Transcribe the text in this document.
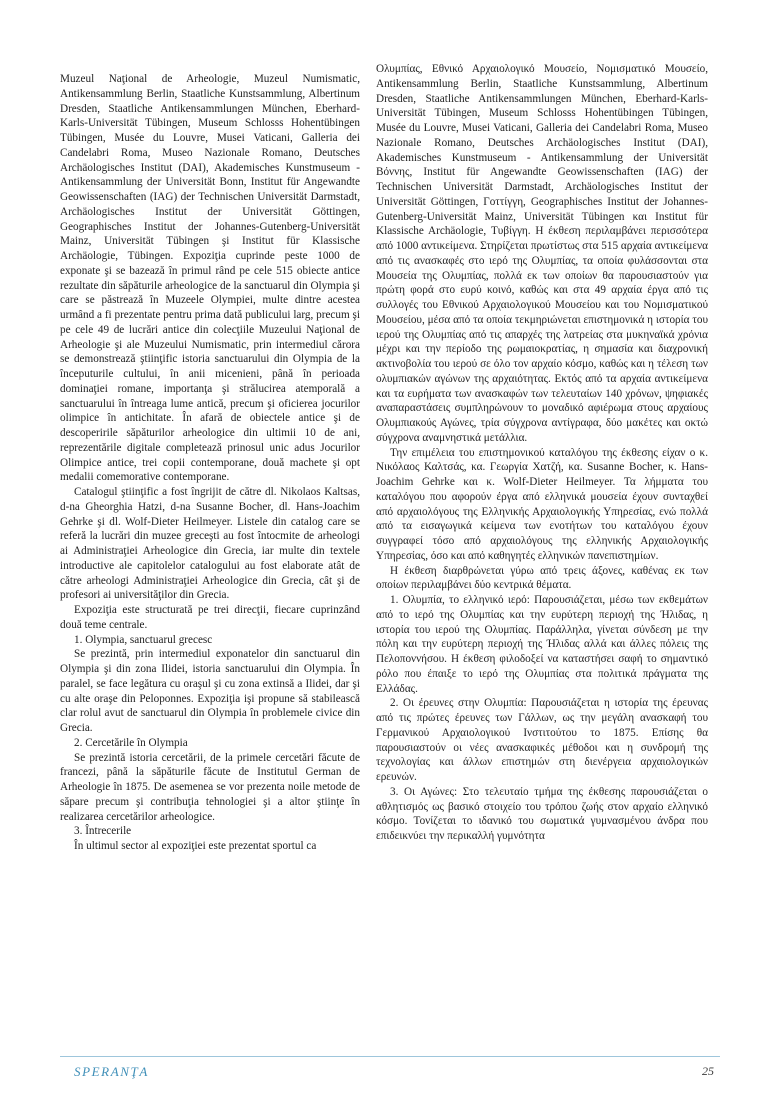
Muzeul Naţional de Arheologie, Muzeul Numismatic, Antikensammlung Berlin, Staatliche Kunstsammlung, Albertinum Dresden, Staatliche Antikensammlungen München, Eberhard-Karls-Universität Tübingen, Museum Schlosss Hohentübingen Tübingen, Musée du Louvre, Musei Vaticani, Galleria dei Candelabri Roma, Museo Nazionale Romano, Deutsches Archäologisches Institut (DAI), Akademisches Kunstmuseum - Antikensammlung der Universität Bonn, Institut für Angewandte Geowissenschaften (IAG) der Technischen Universität Darmstadt, Archäologisches Institut der Universität Göttingen, Geographisches Institut der Johannes-Gutenberg-Universität Mainz, Universität Tübingen şi Institut für Klassische Archäologie, Tübingen. Expoziţia cuprinde peste 1000 de exponate şi se bazează în primul rând pe cele 515 obiecte antice rezultate din săpăturile arheologice de la sanctuarul din Olympia şi care se păstrează în Muzeele Olympiei, multe dintre acestea urmând a fi prezentate pentru prima dată publicului larg, precum şi pe cele 49 de lucrări antice din colecţiile Muzeului Naţional de Arheologie şi ale Muzeului Numismatic, prin intermediul cărora se demonstrează ştiinţific istoria sanctuarului din Olympia de la începuturile cultului, în anii micenieni, până în perioada dominaţiei romane, importanţa şi strălucirea atemporală a sanctuarului în întreaga lume antică, precum şi oficierea jocurilor olimpice în antichitate. În afară de obiectele antice şi de descoperirile săpăturilor arheologice din ultimii 10 de ani, reprezentările digitale completează prinosul unic adus Jocurilor Olimpice antice, trei copii contemporane, două machete şi opt medalii comemorative contemporane.

Catalogul ştiinţific a fost îngrijit de către dl. Nikolaos Kaltsas, d-na Gheorghia Hatzi, d-na Susanne Bocher, dl. Hans-Joachim Gehrke şi dl. Wolf-Dieter Heilmeyer. Listele din catalog care se referă la lucrări din muzee greceşti au fost întocmite de arheologi ai Administraţiei Arheologice din Grecia, iar multe din textele introductive ale capitolelor catalogului au fost elaborate atât de către arheologi Administraţiei Arheologice din Grecia, cât şi de profesori ai universităţilor din Grecia.

Expoziţia este structurată pe trei direcţii, fiecare cuprinzând două teme centrale.

1. Olympia, sanctuarul grecesc

Se prezintă, prin intermediul exponatelor din sanctuarul din Olympia şi din zona Ilidei, istoria sanctuarului din Olympia. În paralel, se face legătura cu oraşul şi cu zona extinsă a Ilidei, dar şi cu alte oraşe din Peloponnes. Expoziţia işi propune să stabilească clar rolul avut de sanctuarul din Olympia în problemele civice din Grecia.

2. Cercetările în Olympia

Se prezintă istoria cercetării, de la primele cercetări făcute de francezi, până la săpăturile făcute de Institutul German de Arheologie în 1875. De asemenea se vor prezenta noile metode de săpare precum şi contribuţia tehnologiei şi a altor ştiinţe în realizarea cercetărilor arheologice.

3. Întrecerile

În ultimul sector al expoziţiei este prezentat sportul ca

Ολυμπίας, Εθνικό Αρχαιολογικό Μουσείο, Νομισματικό Μουσείο, Antikensammlung Berlin, Staatliche Kunstsammlung, Albertinum Dresden, Staatliche Antikensammlungen München, Eberhard-Karls-Universität Tübingen, Museum Schlosss Hohentübingen Tübingen, Musée du Louvre, Musei Vaticani, Galleria dei Candelabri Roma, Museo Nazionale Romano, Deutsches Archäologisches Institut (DAI), Akademisches Kunstmuseum - Antikensammlung der Universität Βόννης, Institut für Angewandte Geowissenschaften (IAG) der Technischen Universität Darmstadt, Archäologisches Institut der Universität Göttingen, Γοττίγγη, Geographisches Institut der Johannes-Gutenberg-Universität Mainz, Universität Tübingen και Institut für Klassische Archäologie, Τυβίγγη. Η έκθεση περιλαμβάνει περισσότερα από 1000 αντικείμενα. Στηρίζεται πρωτίστως στα 515 αρχαία αντικείμενα από τις ανασκαφές στο ιερό της Ολυμπίας, τα οποία φυλάσσονται στα Μουσεία της Ολυμπίας, πολλά εκ των οποίων θα παρουσιαστούν για πρώτη φορά στο ευρύ κοινό, καθώς και στα 49 αρχαία έργα από τις συλλογές του Εθνικού Αρχαιολογικού Μουσείου και του Νομισματικού Μουσείου, μέσα από τα οποία τεκμηριώνεται επιστημονικά η ιστορία του ιερού της Ολυμπίας από τις απαρχές της λατρείας στα μυκηναϊκά χρόνια μέχρι και την περίοδο της ρωμαιοκρατίας, η σημασία και διαχρονική ακτινοβολία του ιερού σε όλο τον αρχαίο κόσμο, καθώς και η τέλεση των ολυμπιακών αγώνων της αρχαιότητας. Εκτός από τα αρχαία αντικείμενα και τα ευρήματα των ανασκαφών των τελευταίων 140 χρόνων, ψηφιακές αναπαραστάσεις συμπληρώνουν το μοναδικό αφιέρωμα στους αρχαίους Ολυμπιακούς Αγώνες, τρία σύγχρονα αντίγραφα, δύο μακέτες και οκτώ σύγχρονα αναμνηστικά μετάλλια.

Την επιμέλεια του επιστημονικού καταλόγου της έκθεσης είχαν ο κ. Νικόλαος Καλτσάς, κα. Γεωργία Χατζή, κα. Susanne Bocher, κ. Hans-Joachim Gehrke και κ. Wolf-Dieter Heilmeyer. Τα λήμματα του καταλόγου που αφορούν έργα από ελληνικά μουσεία έχουν συνταχθεί από αρχαιολόγους της Ελληνικής Αρχαιολογικής Υπηρεσίας, ενώ πολλά από τα εισαγωγικά κείμενα των ενοτήτων του καταλόγου έχουν συγγραφεί τόσο από αρχαιολόγους της ελληνικής Αρχαιολογικής Υπηρεσίας, όσο και από καθηγητές ελληνικών πανεπιστημίων.

Η έκθεση διαρθρώνεται γύρω από τρεις άξονες, καθένας εκ των οποίων περιλαμβάνει δύο κεντρικά θέματα.

1. Ολυμπία, το ελληνικό ιερό: Παρουσιάζεται, μέσω των εκθεμάτων από το ιερό της Ολυμπίας και την ευρύτερη περιοχή της Ήλιδας, η ιστορία του ιερού της Ολυμπίας. Παράλληλα, γίνεται σύνδεση με την πόλη και την ευρύτερη περιοχή της Ήλιδας αλλά και άλλες πόλεις της Πελοποννήσου. Η έκθεση φιλοδοξεί να καταστήσει σαφή το σημαντικό ρόλο που έπαιξε το ιερό της Ολυμπίας στα πολιτικά πράγματα της Ελλάδας.

2. Οι έρευνες στην Ολυμπία: Παρουσιάζεται η ιστορία της έρευνας από τις πρώτες έρευνες των Γάλλων, ως την μεγάλη ανασκαφή του Γερμανικού Αρχαιολογικού Ινστιτούτου το 1875. Επίσης θα παρουσιαστούν οι νέες ανασκαφικές μέθοδοι και η συνδρομή της τεχνολογίας και άλλων επιστημών στη διενέργεια αρχαιολογικών ερευνών.

3. Οι Αγώνες: Στο τελευταίο τμήμα της έκθεσης παρουσιάζεται ο αθλητισμός ως βασικό στοιχείο του τρόπου ζωής στον αρχαίο ελληνικό κόσμο. Τονίζεται το ιδανικό του σωματικά γυμνασμένου άνδρα που επιδεικνύει την περικαλλή γυμνότητα

SPERANŢA	25
